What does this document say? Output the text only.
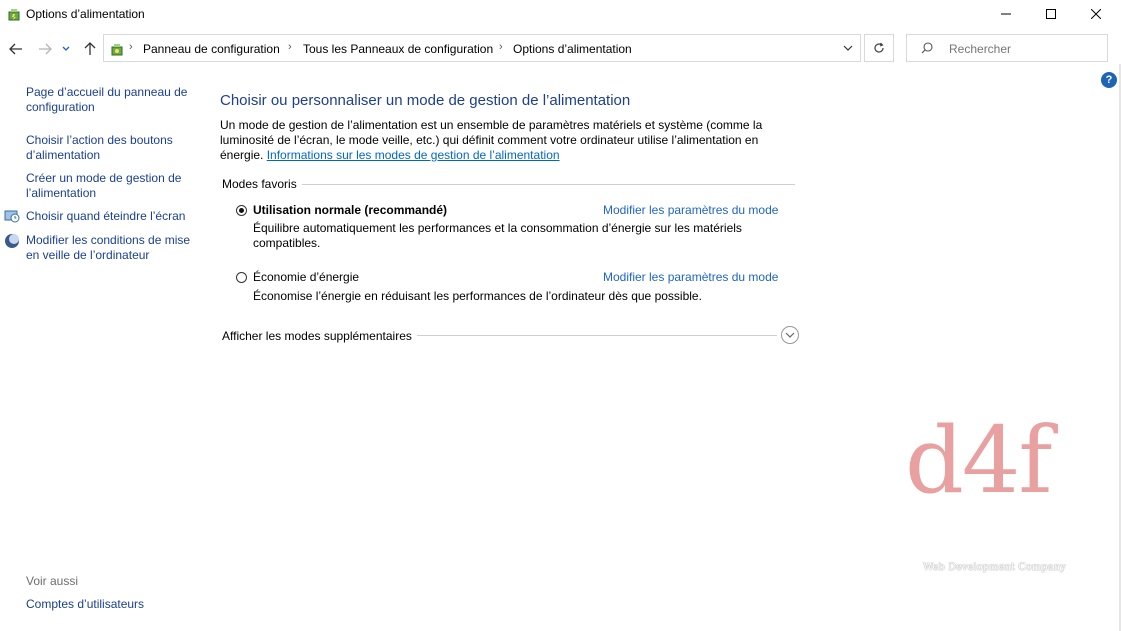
Options d’alimentation
› Panneau de configuration › Tous les Panneaux de configuration › Options d’alimentation
Rechercher
?
Page d’accueil du panneau de configuration
Choisir l’action des boutons d’alimentation
Créer un mode de gestion de l’alimentation
Choisir quand éteindre l’écran
Modifier les conditions de mise en veille de l’ordinateur
Voir aussi
Comptes d’utilisateurs
Choisir ou personnaliser un mode de gestion de l’alimentation
Un mode de gestion de l’alimentation est un ensemble de paramètres matériels et système (comme la luminosité de l’écran, le mode veille, etc.) qui définit comment votre ordinateur utilise l’alimentation en énergie. Informations sur les modes de gestion de l’alimentation
Modes favoris
Utilisation normale (recommandé)	Modifier les paramètres du mode
Équilibre automatiquement les performances et la consommation d’énergie sur les matériels compatibles.
Économie d’énergie	Modifier les paramètres du mode
Économise l’énergie en réduisant les performances de l’ordinateur dès que possible.
Afficher les modes supplémentaires
d4f
Web Development Company
